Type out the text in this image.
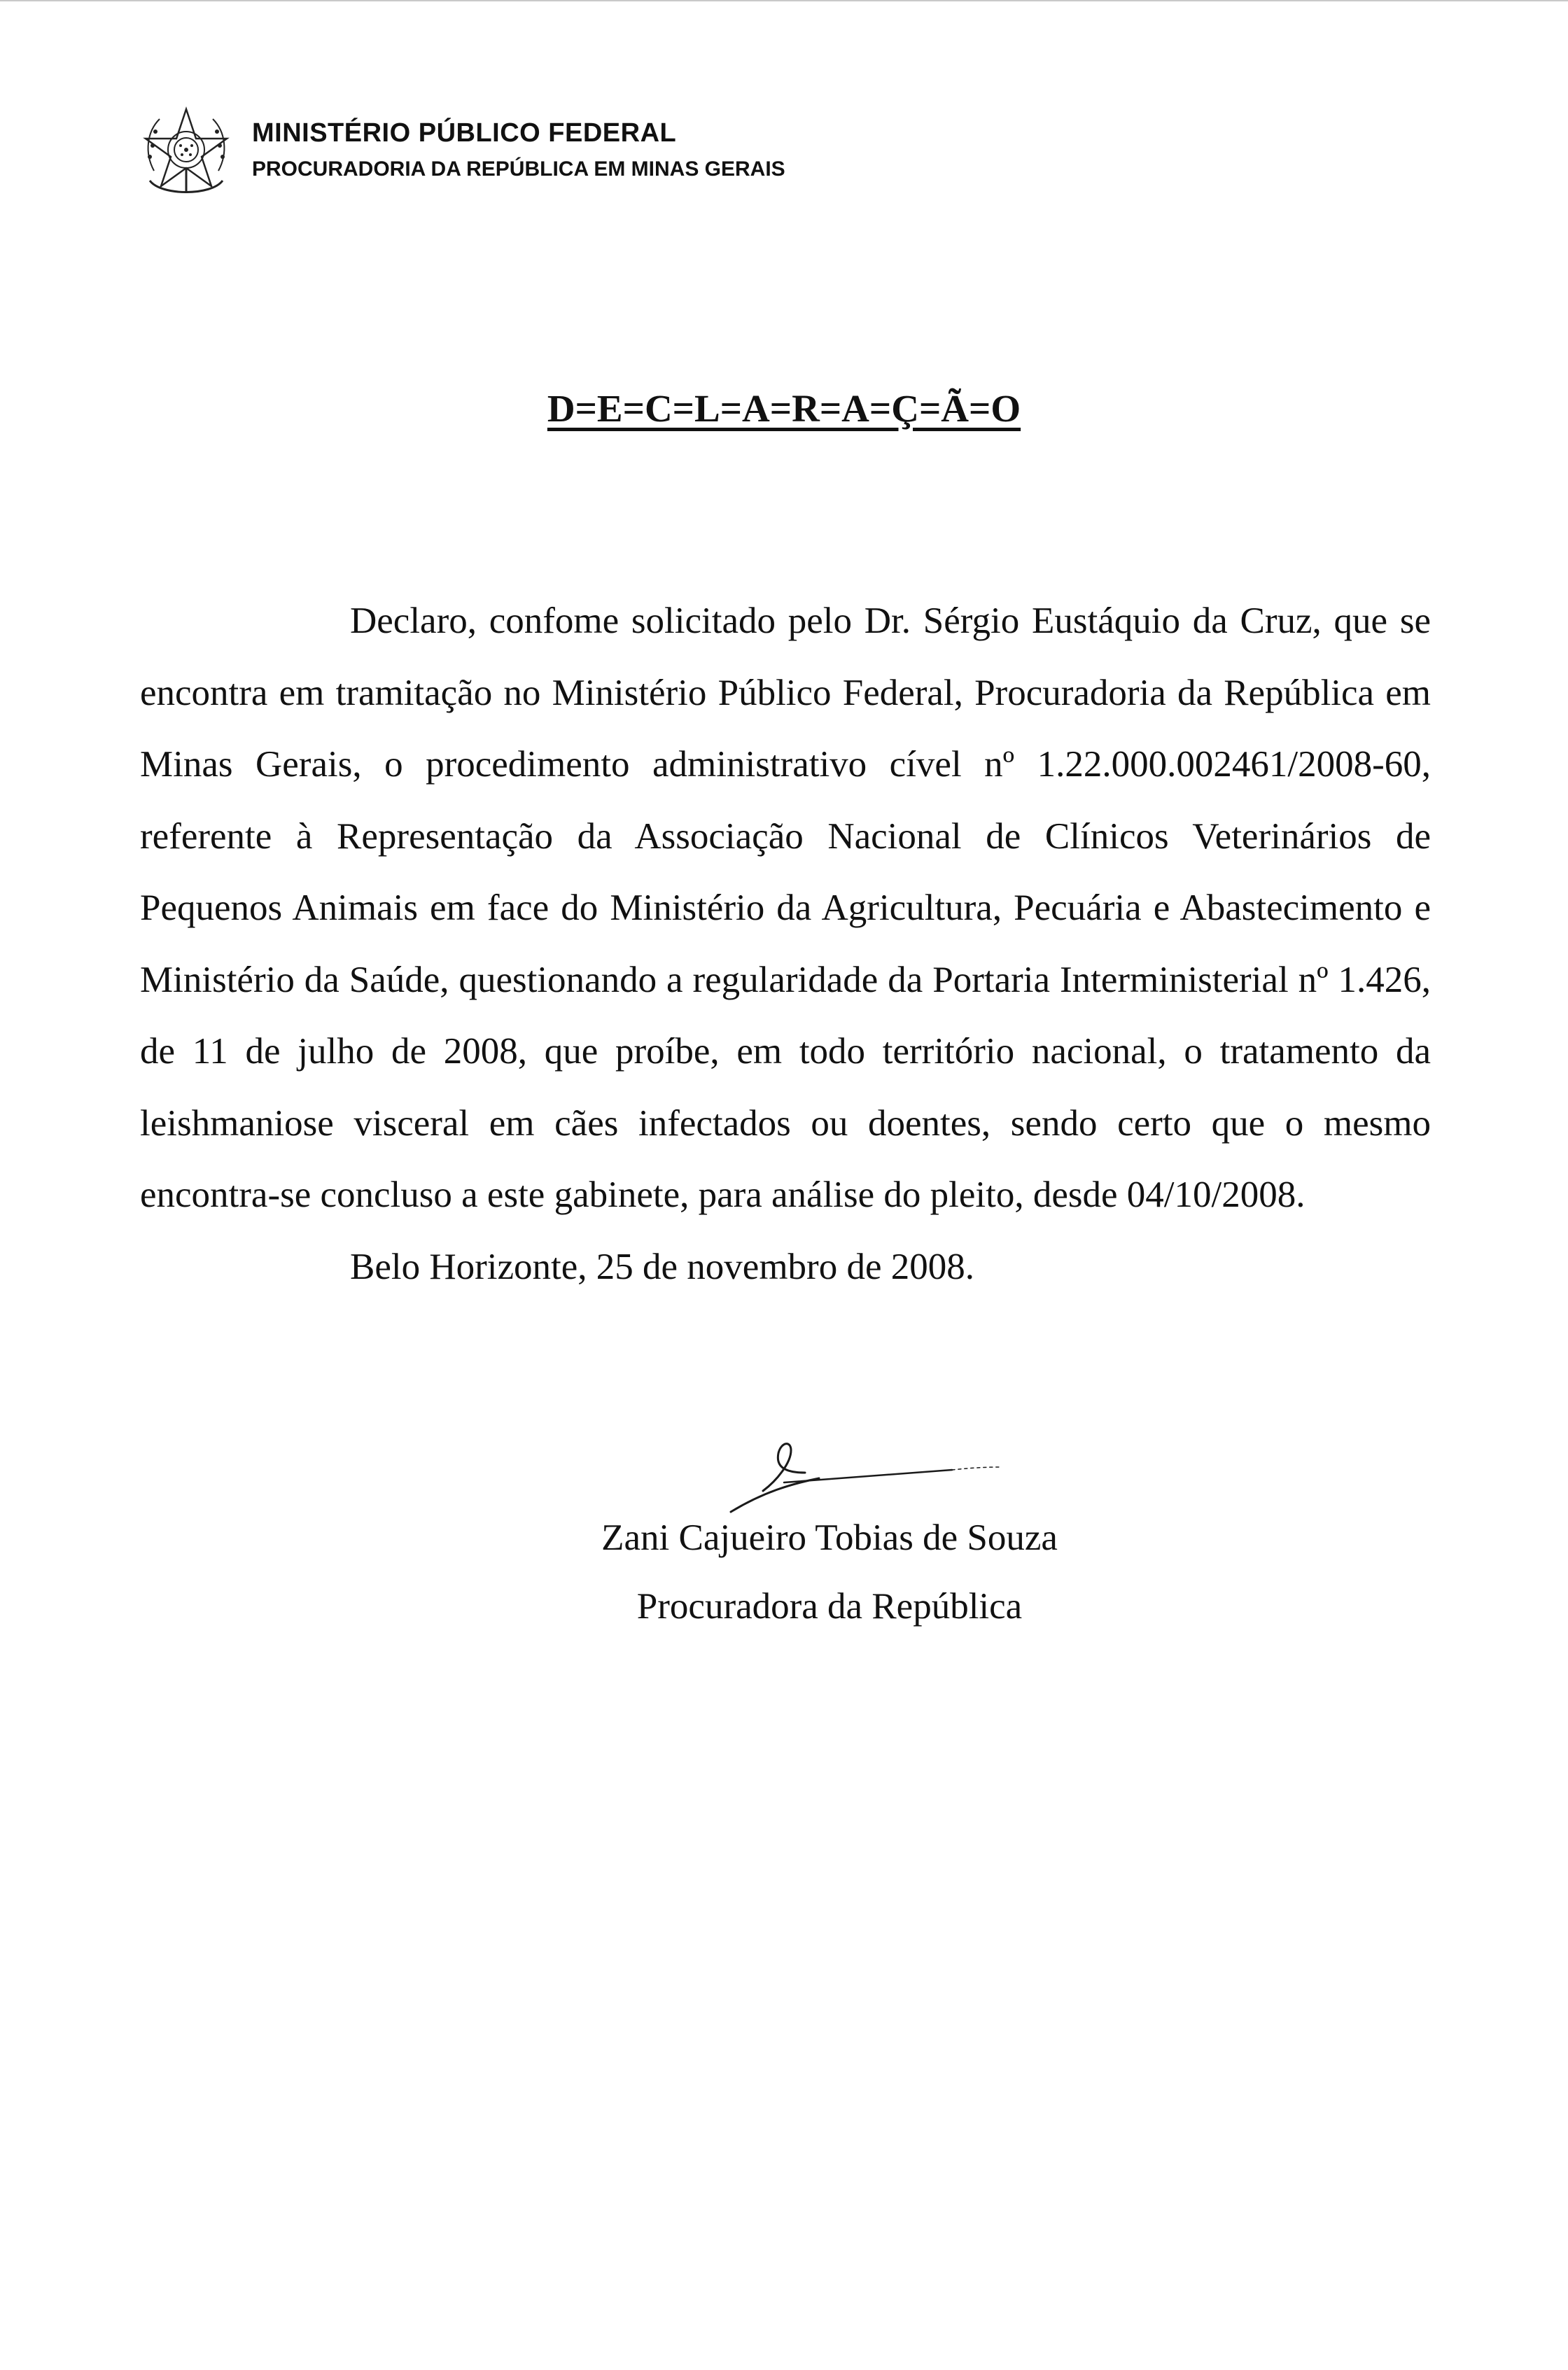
MINISTÉRIO PÚBLICO FEDERAL
PROCURADORIA DA REPÚBLICA EM MINAS GERAIS
D=E=C=L=A=R=A=Ç=Ã=O

Declaro, confome solicitado pelo Dr. Sérgio Eustáquio da Cruz, que se encontra em tramitação no Ministério Público Federal, Procuradoria da República em Minas Gerais, o procedimento administrativo cível nº 1.22.000.002461/2008-60, referente à Representação da Associação Nacional de Clínicos Veterinários de Pequenos Animais em face do Ministério da Agricultura, Pecuária e Abastecimento e Ministério da Saúde, questionando a regularidade da Portaria Interministerial nº 1.426, de 11 de julho de 2008, que proíbe, em todo território nacional, o tratamento da leishmaniose visceral em cães infectados ou doentes, sendo certo que o mesmo encontra-se concluso a este gabinete, para análise do pleito, desde 04/10/2008.

Belo Horizonte, 25 de novembro de 2008.

Zani Cajueiro Tobias de Souza

Procuradora da República
